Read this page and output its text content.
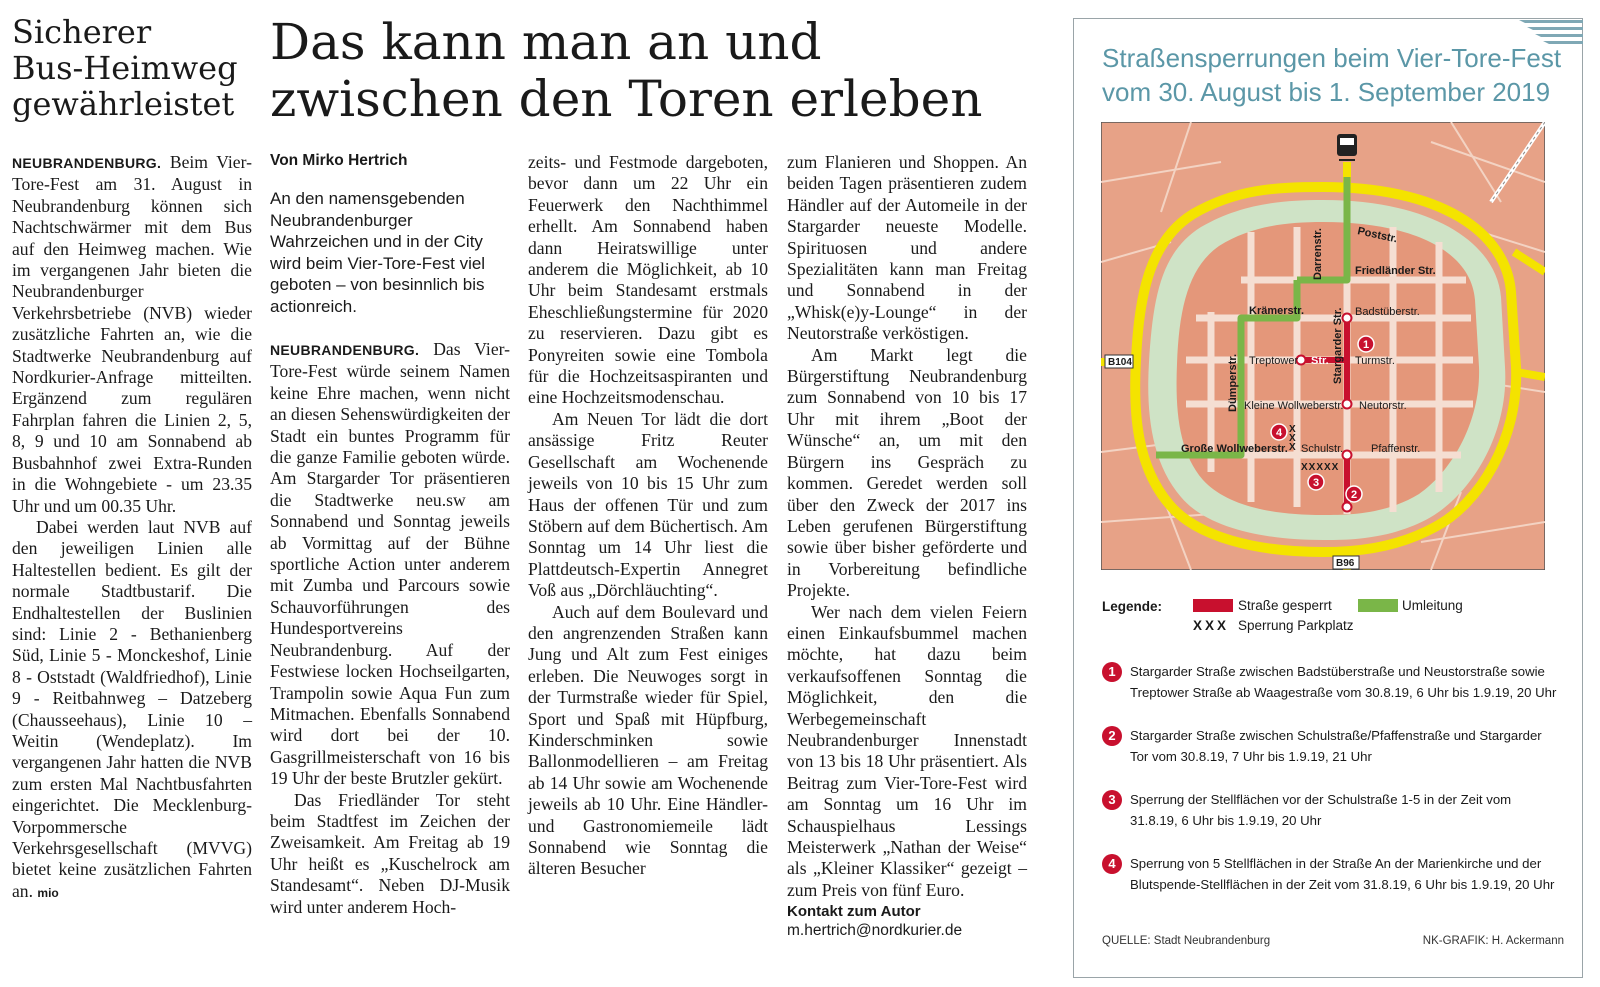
Sicherer
Bus-Heimweg
gewährleistet

NEUBRANDENBURG. Beim Vier-Tore-Fest am 31. August in Neubrandenburg können sich Nachtschwärmer mit dem Bus auf den Heimweg machen. Wie im vergangenen Jahr bieten die Neubrandenburger Verkehrsbetriebe (NVB) wieder zusätzliche Fahrten an, wie die Stadtwerke Neubrandenburg auf Nordkurier-Anfrage mitteilten. Ergänzend zum regulären Fahrplan fahren die Linien 2, 5, 8, 9 und 10 am Sonnabend ab Busbahnhof zwei Extra-Runden in die Wohngebiete - um 23.35 Uhr und um 00.35 Uhr.

Dabei werden laut NVB auf den jeweiligen Linien alle Haltestellen bedient. Es gilt der normale Stadtbustarif. Die Endhaltestellen der Buslinien sind: Linie 2 - Bethanienberg Süd, Linie 5 - Monckeshof, Linie 8 - Oststadt (Waldfriedhof), Linie 9 - Reitbahnweg – Datzeberg (Chausseehaus), Linie 10 – Weitin (Wendeplatz). Im vergangenen Jahr hatten die NVB zum ersten Mal Nachtbusfahrten eingerichtet. Die Mecklenburg-Vorpommersche Verkehrsgesellschaft (MVVG) bietet keine zusätzlichen Fahrten an. mio

Das kann man an und
zwischen den Toren erleben
Von Mirko Hertrich
An den namensgebenden Neubrandenburger Wahrzeichen und in der City wird beim Vier-Tore-Fest viel geboten – von besinnlich bis actionreich.

NEUBRANDENBURG. Das Vier-Tore-Fest würde seinem Namen keine Ehre machen, wenn nicht an diesen Sehenswürdigkeiten der Stadt ein buntes Programm für die ganze Familie geboten würde. Am Stargarder Tor präsentieren die Stadtwerke neu.sw am Sonnabend und Sonntag jeweils ab Vormittag auf der Bühne sportliche Action unter anderem mit Zumba und Parcours sowie Schauvorführungen des Hundesportvereins Neubrandenburg. Auf der Festwiese locken Hochseilgarten, Trampolin sowie Aqua Fun zum Mitmachen. Ebenfalls Sonnabend wird dort bei der 10. Gasgrillmeisterschaft von 16 bis 19 Uhr der beste Brutzler gekürt.

Das Friedländer Tor steht beim Stadtfest im Zeichen der Zweisamkeit. Am Freitag ab 19 Uhr heißt es „Kuschelrock am Standesamt“. Neben DJ-Musik wird unter anderem Hoch-

zeits- und Festmode dargeboten, bevor dann um 22 Uhr ein Feuerwerk den Nachthimmel erhellt. Am Sonnabend haben dann Heiratswillige unter anderem die Möglichkeit, ab 10 Uhr beim Standesamt erstmals Eheschließungstermine für 2020 zu reservieren. Dazu gibt es Ponyreiten sowie eine Tombola für die Hochzeitsaspiranten und eine Hochzeitsmodenschau.

Am Neuen Tor lädt die dort ansässige Fritz Reuter Gesellschaft am Wochenende jeweils von 10 bis 15 Uhr zum Haus der offenen Tür und zum Stöbern auf dem Büchertisch. Am Sonntag um 14 Uhr liest die Plattdeutsch-Expertin Annegret Voß aus „Dörchläuchting“.

Auch auf dem Boulevard und den angrenzenden Straßen kann Jung und Alt zum Fest einiges erleben. Die Neuwoges sorgt in der Turmstraße wieder für Spiel, Sport und Spaß mit Hüpfburg, Kinderschminken sowie Ballonmodellieren – am Freitag ab 14 Uhr sowie am Wochenende jeweils ab 10 Uhr. Eine Händler- und Gastronomiemeile lädt Sonnabend wie Sonntag die älteren Besucher

zum Flanieren und Shoppen. An beiden Tagen präsentieren zudem Händler auf der Automeile in der Stargarder neueste Modelle. Spirituosen und andere Spezialitäten kann man Freitag und Sonnabend in der „Whisk(e)y-Lounge“ in der Neutorstraße verköstigen.

Am Markt legt die Bürgerstiftung Neubrandenburg zum Sonnabend von 10 bis 17 Uhr mit ihrem „Boot der Wünsche“ an, um mit den Bürgern ins Gespräch zu kommen. Geredet werden soll über den Zweck der 2017 ins Leben gerufenen Bürgerstiftung sowie über bisher geförderte und in Vorbereitung befindliche Projekte.

Wer nach dem vielen Feiern einen Einkaufsbummel machen möchte, hat dazu beim verkaufsoffenen Sonntag die Möglichkeit, den die Werbegemeinschaft Neubrandenburger Innenstadt von 13 bis 18 Uhr präsentiert. Als Beitrag zum Vier-Tore-Fest wird am Sonntag um 16 Uhr im Schauspielhaus Lessings Meisterwerk „Nathan der Weise“ als „Kleiner Klassiker“ gezeigt – zum Preis von fünf Euro.

Kontakt zum Autor
m.hertrich@nordkurier.de
Straßensperrungen beim Vier-Tore-Fest
vom 30. August bis 1. September 2019
Poststr.
Friedländer Str.
Badstüberstr.
Darrenstr.
Krämerstr.
Treptower Str. Turmstr.
Stargarder Str.
Dümperstr. Kleine Wollweberstr. Neutorstr.
Große Wollweberstr. Schulstr.	Pfaffenstr.
B104
B96
X
X
X
XXXXX
1
2
3
4
Legende:	Straße gesperrt	Umleitung
XXX Sperrung Parkplatz
1	Stargarder Straße zwischen Badstüberstraße und Neustorstraße sowie Treptower Straße ab Waagestraße vom 30.8.19, 6 Uhr bis 1.9.19, 20 Uhr
2	Stargarder Straße zwischen Schulstraße/Pfaffenstraße und Stargarder Tor vom 30.8.19, 7 Uhr bis 1.9.19, 21 Uhr
3	Sperrung der Stellflächen vor der Schulstraße 1-5 in der Zeit vom 31.8.19, 6 Uhr bis 1.9.19, 20 Uhr
4	Sperrung von 5 Stellflächen in der Straße An der Marienkirche und der Blutspende-Stellflächen in der Zeit vom 31.8.19, 6 Uhr bis 1.9.19, 20 Uhr
QUELLE: Stadt Neubrandenburg	NK-GRAFIK: H. Ackermann
